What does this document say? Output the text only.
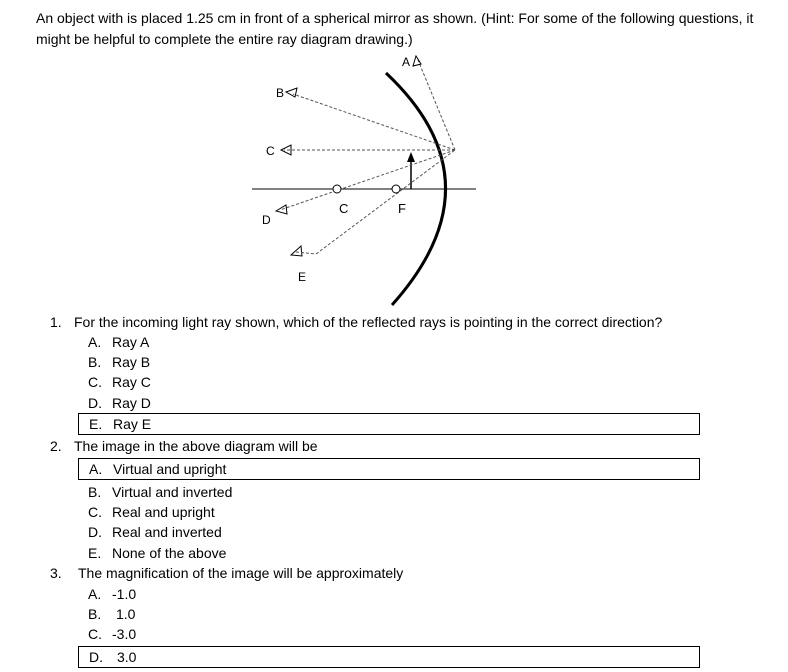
An object with is placed 1.25 cm in front of a spherical mirror as shown. (Hint: For some of the following questions, it might be helpful to complete the entire ray diagram drawing.)
A
B
C
D
E
C	F
1. For the incoming light ray shown, which of the reflected rays is pointing in the correct direction?
A. Ray A
B. Ray B
C. Ray C
D. Ray D
E. Ray E
2. The image in the above diagram will be
A. Virtual and upright
B. Virtual and inverted
C. Real and upright
D. Real and inverted
E. None of the above
3. The magnification of the image will be approximately
A. -1.0
B. 1.0
C. -3.0
D. 3.0
